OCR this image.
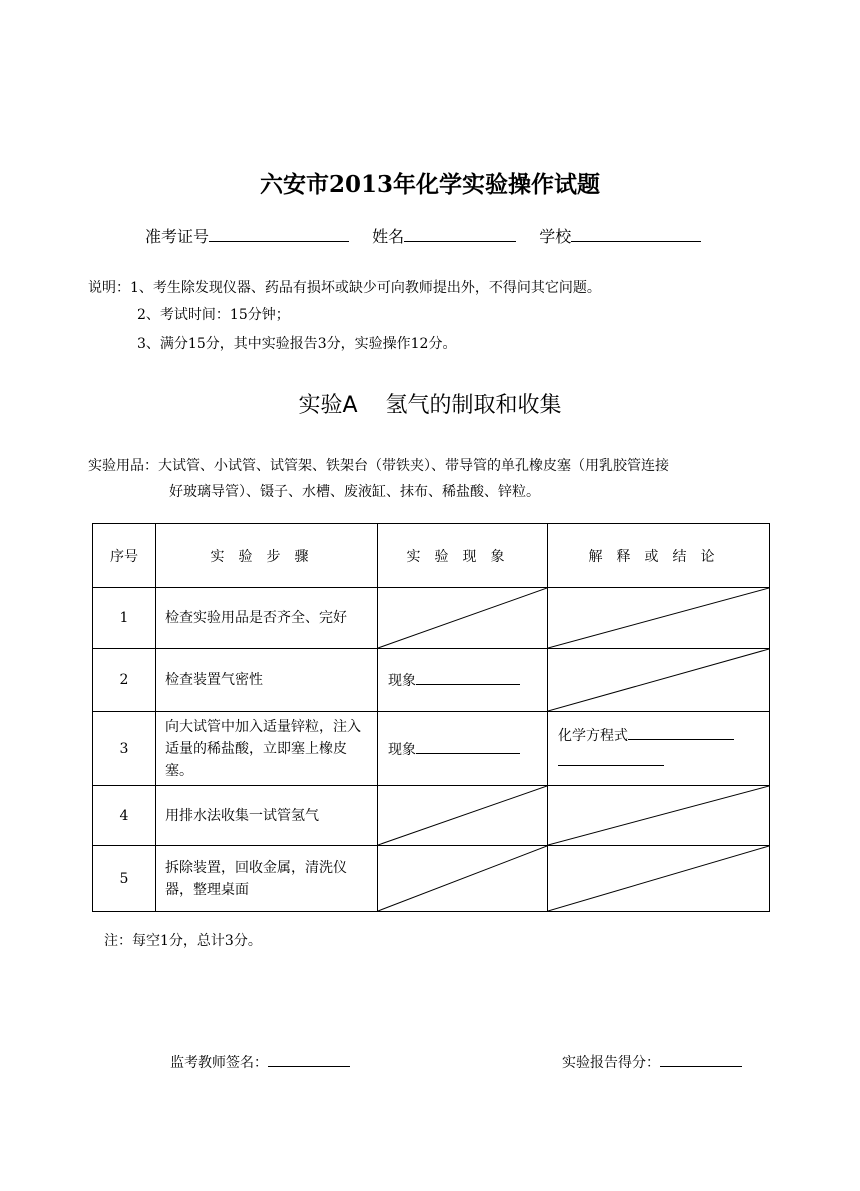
六安市2013年化学实验操作试题
准考证号	姓名	学校
说明：1、考生除发现仪器、药品有损坏或缺少可向教师提出外，不得问其它问题。
2、考试时间：15分钟；
3、满分15分，其中实验报告3分，实验操作12分。
实验A 氢气的制取和收集
实验用品：大试管、小试管、试管架、铁架台（带铁夹）、带导管的单孔橡皮塞（用乳胶管连接
好玻璃导管）、镊子、水槽、废液缸、抹布、稀盐酸、锌粒。
序号	实验步骤	实验现象	解释或结论
1	检查实验用品是否齐全、完好	

2	检查装置气密性	现象

3	向大试管中加入适量锌粒，注入适量的稀盐酸，立即塞上橡皮塞。	现象	化学方程式

4	用排水法收集一试管氢气	

5	拆除装置，回收金属，清洗仪器，整理桌面	

注：每空1分，总计3分。
监考教师签名：	实验报告得分：
